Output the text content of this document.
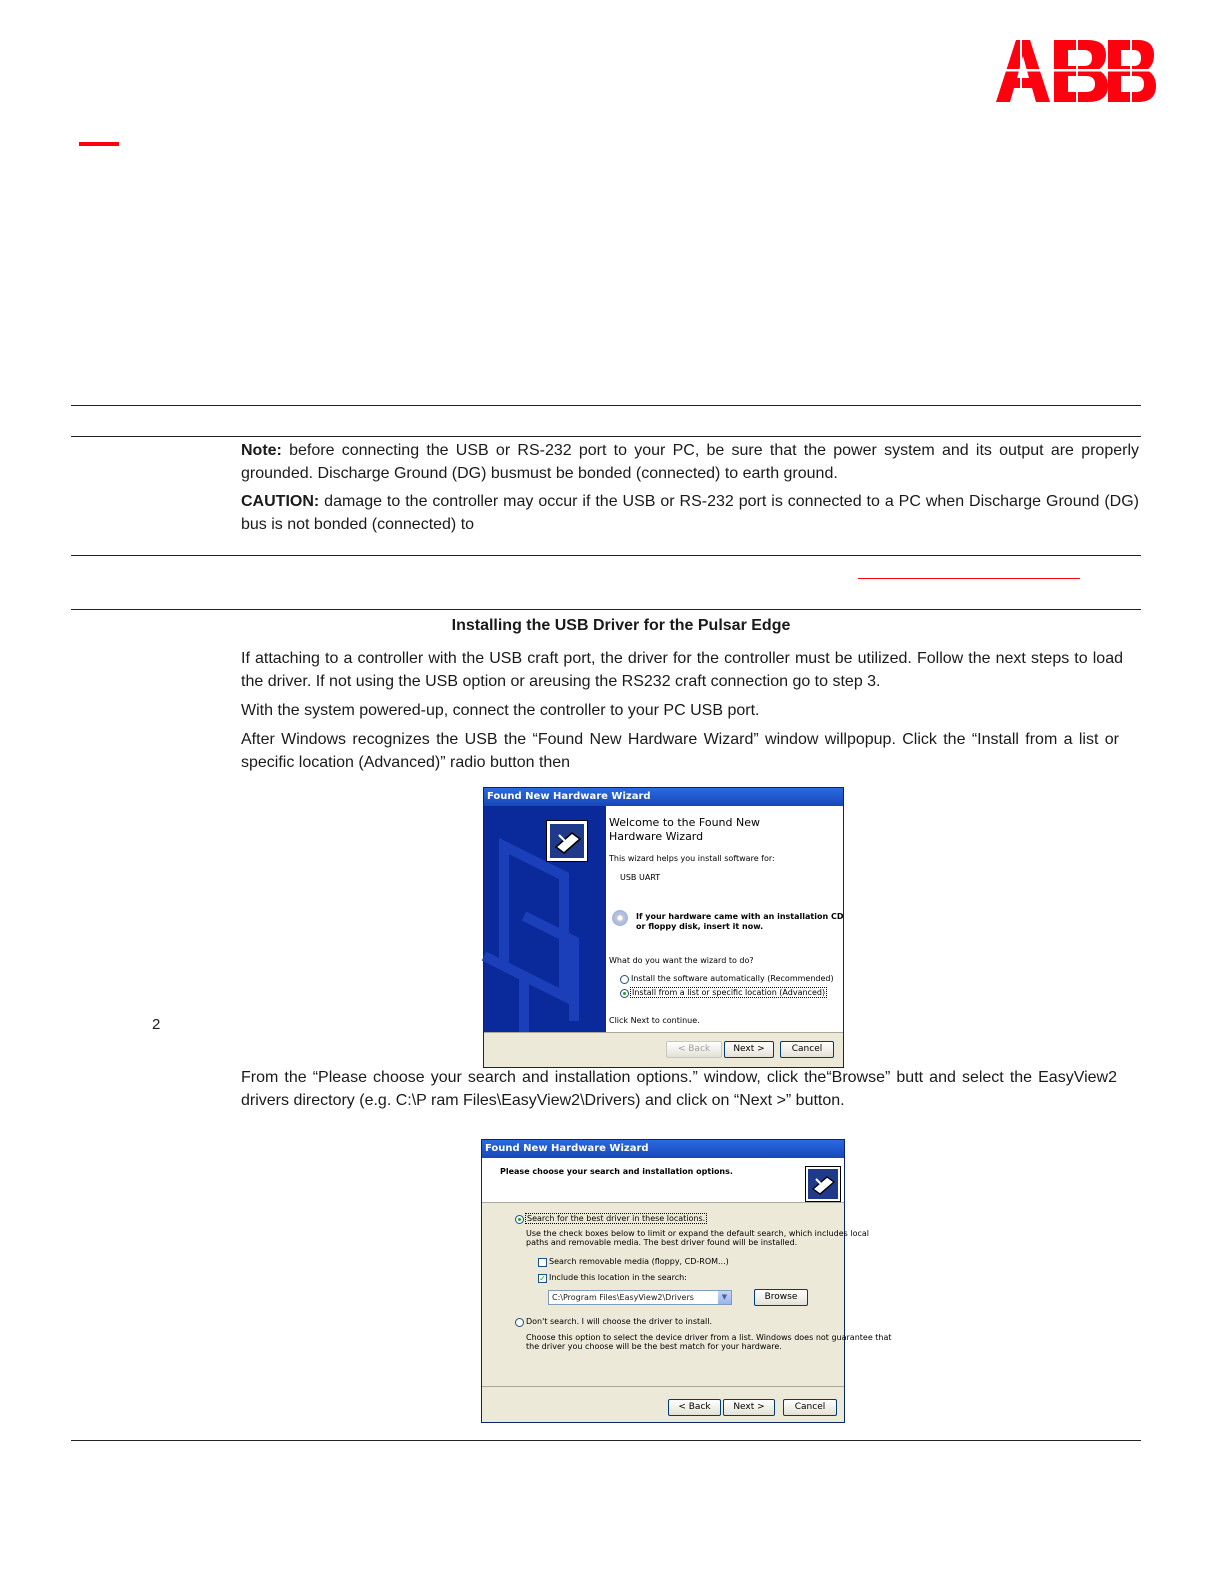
Note: before connecting the USB or RS-232 port to your PC, be sure that the power system and its output are properly grounded. Discharge Ground (DG) busmust be bonded (connected) to earth ground.
CAUTION: damage to the controller may occur if the USB or RS-232 port is connected to a PC when Discharge Ground (DG) bus is not bonded (connected) to
Installing the USB Driver for the Pulsar Edge
If attaching to a controller with the USB craft port, the driver for the controller must be utilized. Follow the next steps to load the driver. If not using the USB option or areusing the RS232 craft connection go to step 3.
With the system powered-up, connect the controller to your PC USB port.
After Windows recognizes the USB the “Found New Hardware Wizard” window willpopup. Click the “Install from a list or specific location (Advanced)” radio button then
2
Found New Hardware Wizard
Welcome to the Found New Hardware Wizard
This wizard helps you install software for:
USB UART
If your hardware came with an installation CD
or floppy disk, insert it now.
What do you want the wizard to do?
Install the software automatically (Recommended)
Install from a list or specific location (Advanced)
Click Next to continue.
< Back	Next >	Cancel
From the “Please choose your search and installation options.” window, click the“Browse” butt and select the EasyView2 drivers directory (e.g. C:\P ram Files\EasyView2\Drivers) and click on “Next >” button.
Found New Hardware Wizard
Please choose your search and installation options.
Search for the best driver in these locations.
Use the check boxes below to limit or expand the default search, which includes local
paths and removable media. The best driver found will be installed.
Search removable media (floppy, CD-ROM...)
✓ Include this location in the search:
C:\Program Files\EasyView2\Drivers	▼	Browse
Don't search. I will choose the driver to install.
Choose this option to select the device driver from a list. Windows does not guarantee that
the driver you choose will be the best match for your hardware.
< Back	Next >	Cancel
